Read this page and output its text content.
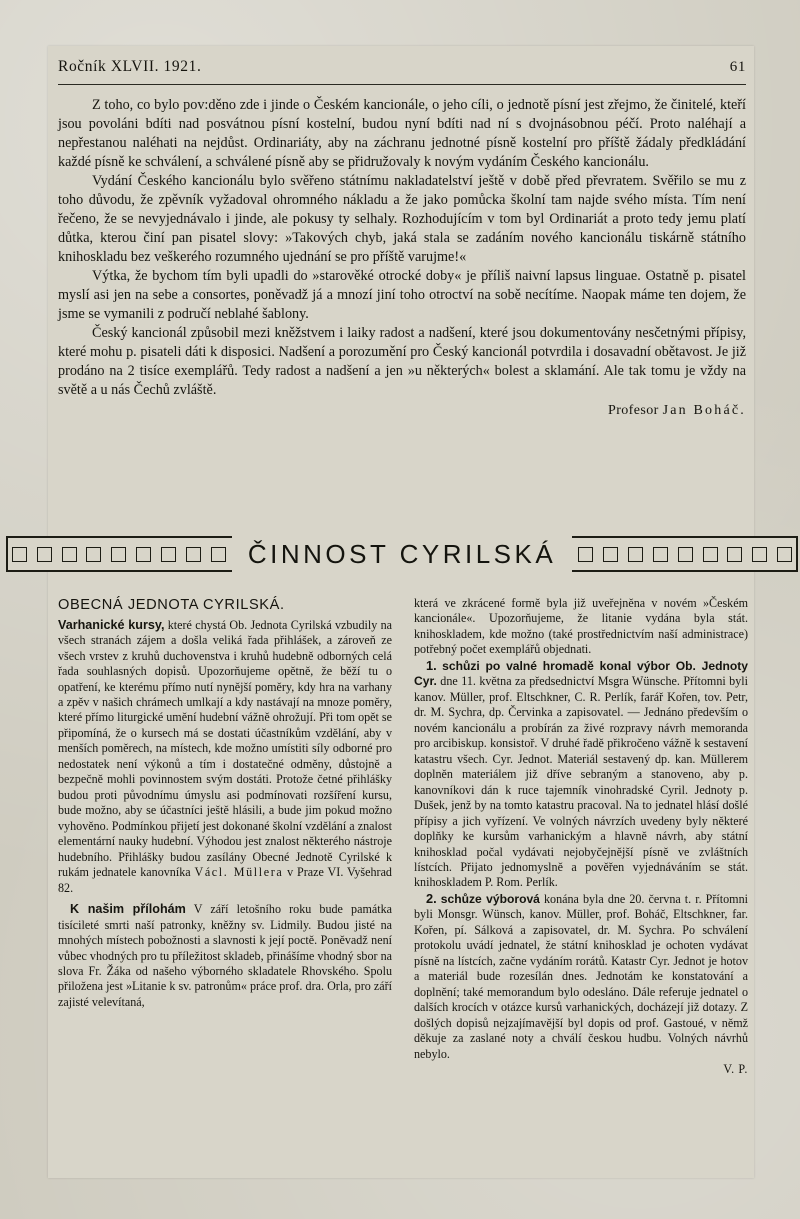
Ročník XLVII. 1921.	61

Z toho, co bylo pov:děno zde i jinde o Českém kancionále, o jeho cíli, o jednotě písní jest zřejmo, že činitelé, kteří jsou povoláni bdíti nad posvátnou písní kostelní, budou nyní bdíti nad ní s dvojnásobnou péčí. Proto naléhají a nepřestanou naléhati na nejdůst. Ordinariáty, aby na záchranu jednotné písně kostelní pro příště žádaly předkládání každé písně ke schválení, a schválené písně aby se přidružovaly k novým vydáním Českého kancionálu.

Vydání Českého kancionálu bylo svěřeno státnímu nakladatelství ještě v době před převratem. Svěřilo se mu z toho důvodu, že zpěvník vyžadoval ohromného nákladu a že jako pomůcka školní tam najde svého místa. Tím není řečeno, že se nevyjednávalo i jinde, ale pokusy ty selhaly. Rozhodujícím v tom byl Ordinariát a proto tedy jemu platí důtka, kterou činí pan pisatel slovy: »Takových chyb, jaká stala se zadáním nového kancionálu tiskárně státního knihoskladu bez veškerého rozumného ujednání se pro příště varujme!«

Výtka, že bychom tím byli upadli do »starověké otrocké doby« je příliš naivní lapsus linguae. Ostatně p. pisatel myslí asi jen na sebe a consortes, poněvadž já a mnozí jiní toho otroctví na sobě necítíme. Naopak máme ten dojem, že jsme se vymanili z područí neblahé šablony.

Český kancionál způsobil mezi kněžstvem i laiky radost a nadšení, které jsou dokumentovány nesčetnými přípisy, které mohu p. pisateli dáti k disposici. Nadšení a porozumění pro Český kancionál potvrdila i dosavadní obětavost. Je již prodáno na 2 tisíce exemplářů. Tedy radost a nadšení a jen »u některých« bolest a sklamání. Ale tak tomu je vždy na světě a u nás Čechů zvláště.

Profesor Jan Boháč.
ČINNOST CYRILSKÁ
OBECNÁ JEDNOTA CYRILSKÁ.

Varhanické kursy, které chystá Ob. Jednota Cyrilská vzbudily na všech stranách zájem a došla veliká řada přihlášek, a zároveň ze všech vrstev z kruhů duchovenstva i kruhů hudebně odborných celá řada souhlasných dopisů. Upozorňujeme opětně, že běží tu o opatření, ke kterému přímo nutí nynější poměry, kdy hra na varhany a zpěv v našich chrámech umlkají a kdy nastávají na mnoze poměry, které přímo liturgické umění hudební vážně ohrožují. Při tom opět se připomíná, že o kursech má se dostati účastníkům vzdělání, aby v menších poměrech, na místech, kde možno umístiti síly odborné pro nedostatek není výkonů a tím i dostatečné odměny, důstojně a bezpečně mohli povinnostem svým dostáti. Protože četné přihlášky budou proti původnímu úmyslu asi podmínovati rozšíření kursu, bude možno, aby se účastníci ještě hlásili, a bude jim pokud možno vyhověno. Podmínkou přijetí jest dokonané školní vzdělání a znalost elementární nauky hudební. Výhodou jest znalost některého nástroje hudebního. Přihlášky budou zasílány Obecné Jednotě Cyrilské k rukám jednatele kanovníka Václ. Müllera v Praze VI. Vyšehrad 82.

K našim přílohám V září letošního roku bude památka tisícileté smrti naší patronky, kněžny sv. Lidmily. Budou jisté na mnohých místech pobožnosti a slavnosti k její poctě. Poněvadž není vůbec vhodných pro tu příležitost skladeb, přinášíme vhodný sbor na slova Fr. Žáka od našeho výborného skladatele Rhovského. Spolu přiložena jest »Litanie k sv. patronům« práce prof. dra. Orla, pro září zajisté velevítaná,

která ve zkrácené formě byla již uveřejněna v novém »Českém kancionále«. Upozorňujeme, že litanie vydána byla stát. knihoskladem, kde možno (také prostřednictvím naší administrace) potřebný počet exemplářů objednati.

1. schůzi po valné hromadě konal výbor Ob. Jednoty Cyr. dne 11. května za předsednictví Msgra Wünsche. Přítomni byli kanov. Müller, prof. Eltschkner, C. R. Perlík, farář Kořen, tov. Petr, dr. M. Sychra, dp. Červinka a zapisovatel. — Jednáno především o novém kancionálu a probírán za živé rozpravy návrh memoranda pro arcibiskup. konsistoř. V druhé řadě přikročeno vážně k sestavení katastru všech. Cyr. Jednot. Materiál sestavený dp. kan. Müllerem doplněn materiálem již dříve sebraným a stanoveno, aby p. kanovníkovi dán k ruce tajemník vinohradské Cyril. Jednoty p. Dušek, jenž by na tomto katastru pracoval. Na to jednatel hlásí došlé přípisy a jich vyřízení. Ve volných návrzích uvedeny byly některé doplňky ke kursům varhanickým a hlavně návrh, aby státní knihosklad počal vydávati nejobyčejnější písně ve zvláštních lístcích. Přijato jednomyslně a pověřen vyjednáváním se stát. knihoskladem P. Rom. Perlík.

2. schůze výborová konána byla dne 20. června t. r. Přítomni byli Monsgr. Wünsch, kanov. Müller, prof. Boháč, Eltschkner, far. Kořen, pí. Sálková a zapisovatel, dr. M. Sychra. Po schválení protokolu uvádí jednatel, že státní knihosklad je ochoten vydávat písně na lístcích, začne vydáním rorátů. Katastr Cyr. Jednot je hotov a materiál bude rozesílán dnes. Jednotám ke konstatování a doplnění; také memorandum bylo odesláno. Dále referuje jednatel o dalších krocích v otázce kursů varhanických, docházejí již dotazy. Z došlých dopisů nejzajímavější byl dopis od prof. Gastoué, v němž děkuje za zaslané noty a chválí českou hudbu. Volných návrhů nebylo.

V. P.
